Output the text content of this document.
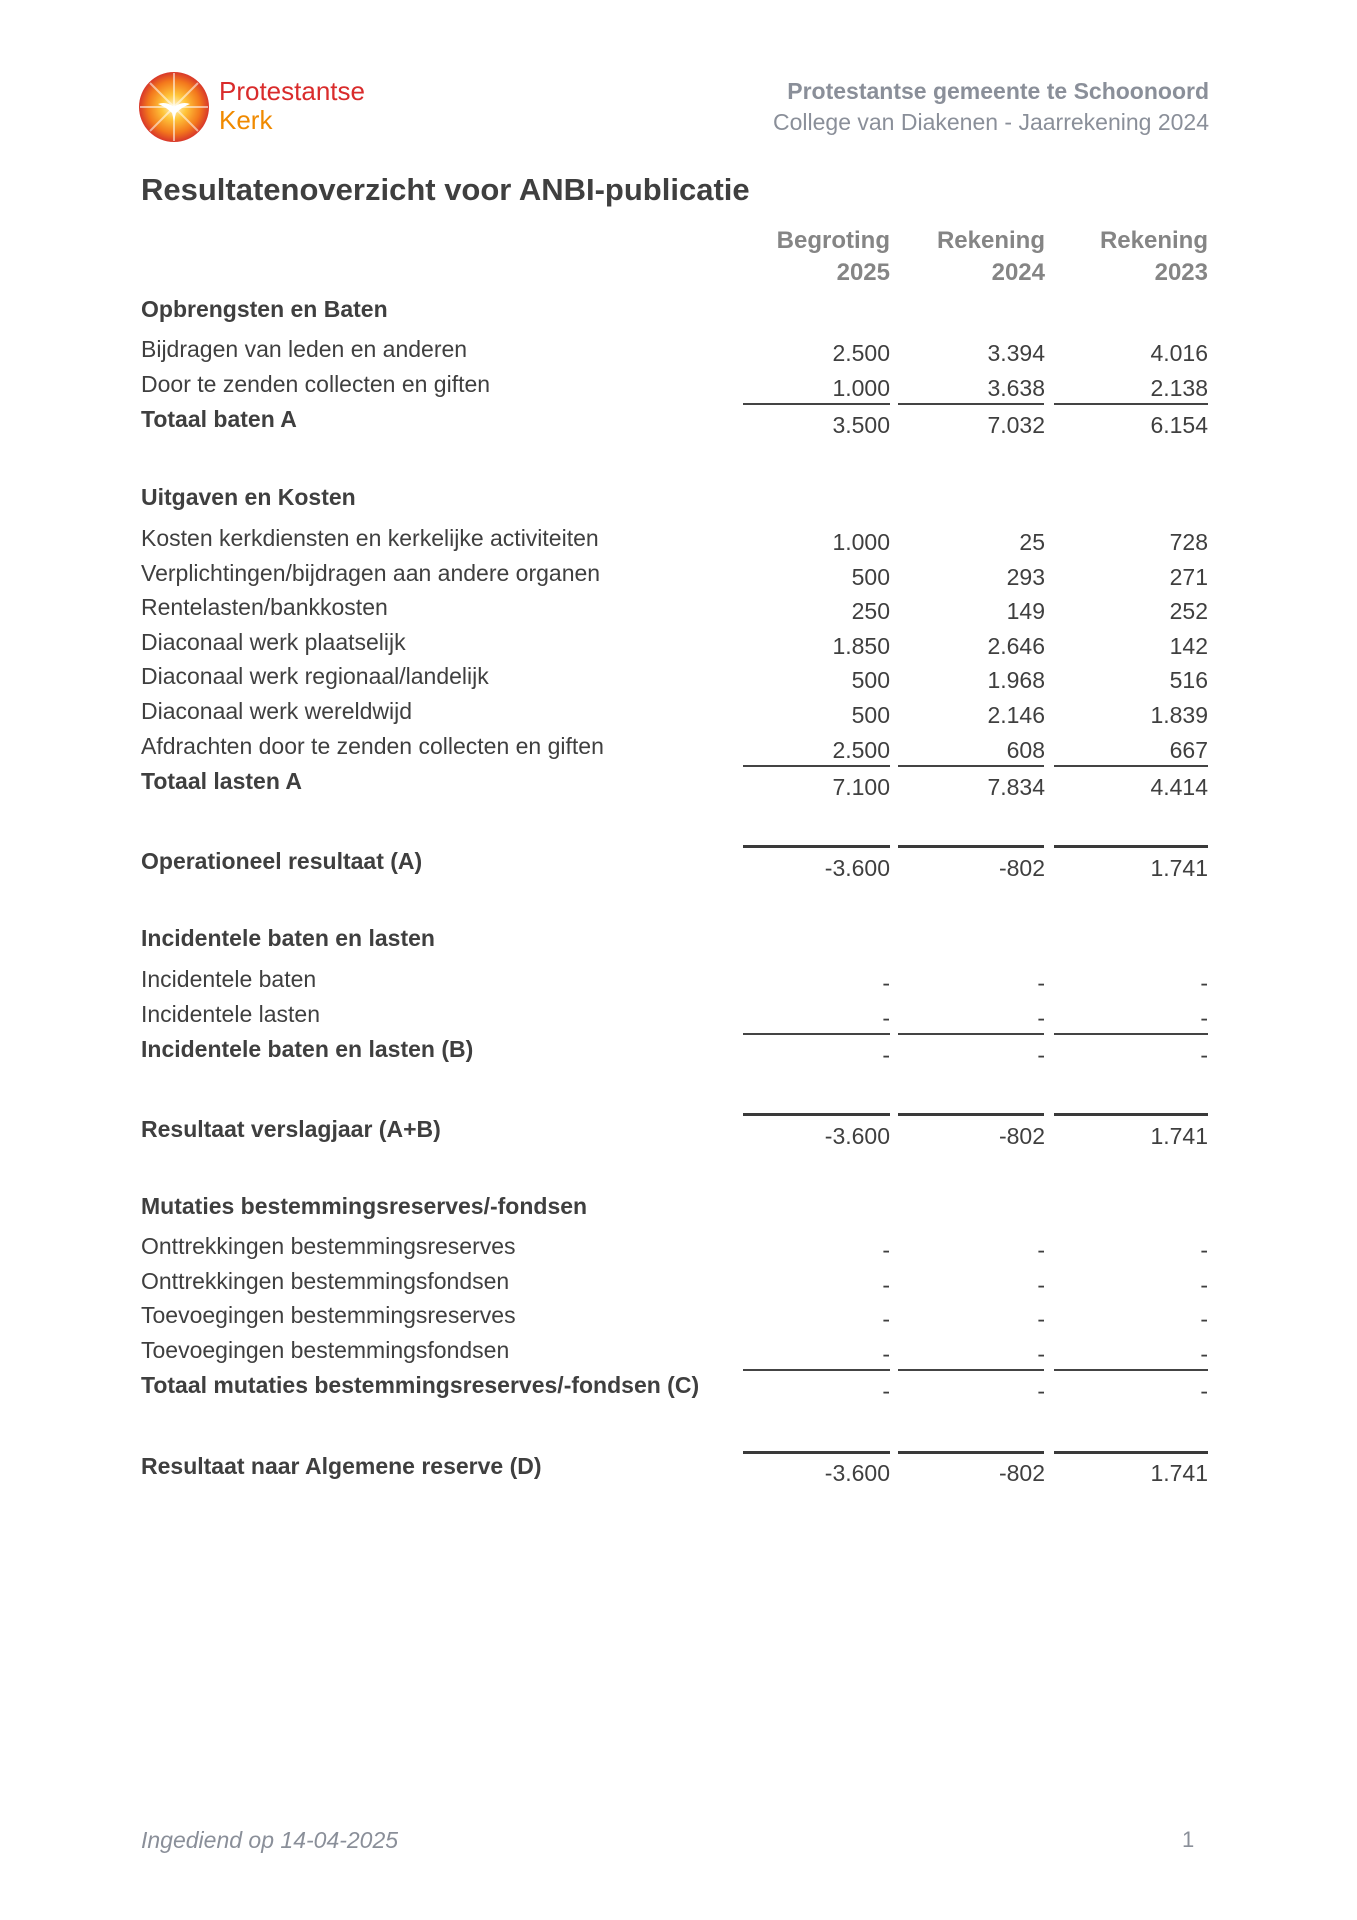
Protestantse
Kerk
Protestantse gemeente te Schoonoord
College van Diakenen - Jaarrekening 2024
Resultatenoverzicht voor ANBI-publicatie
Begroting
2025
Rekening
2024
Rekening
2023
Opbrengsten en Baten
Uitgaven en Kosten
Incidentele baten en lasten
Mutaties bestemmingsreserves/-fondsen
Bijdragen van leden en anderen	2.500	3.394	4.016
Door te zenden collecten en giften	1.000	3.638	2.138
Totaal baten A	3.500	7.032	6.154
Kosten kerkdiensten en kerkelijke activiteiten	1.000	25	728
Verplichtingen/bijdragen aan andere organen	500	293	271
Rentelasten/bankkosten	250	149	252
Diaconaal werk plaatselijk	1.850	2.646	142
Diaconaal werk regionaal/landelijk	500	1.968	516
Diaconaal werk wereldwijd	500	2.146	1.839
Afdrachten door te zenden collecten en giften	2.500	608	667
Totaal lasten A	7.100	7.834	4.414
Operationeel resultaat (A)	-3.600	-802	1.741
Incidentele baten	-	-	-
Incidentele lasten	-	-	-
Incidentele baten en lasten (B)	-	-	-
Resultaat verslagjaar (A+B)	-3.600	-802	1.741
Onttrekkingen bestemmingsreserves	-	-	-
Onttrekkingen bestemmingsfondsen	-	-	-
Toevoegingen bestemmingsreserves	-	-	-
Toevoegingen bestemmingsfondsen	-	-	-
Totaal mutaties bestemmingsreserves/-fondsen (C)	-	-	-
Resultaat naar Algemene reserve (D)	-3.600	-802	1.741
Ingediend op 14-04-2025	1
